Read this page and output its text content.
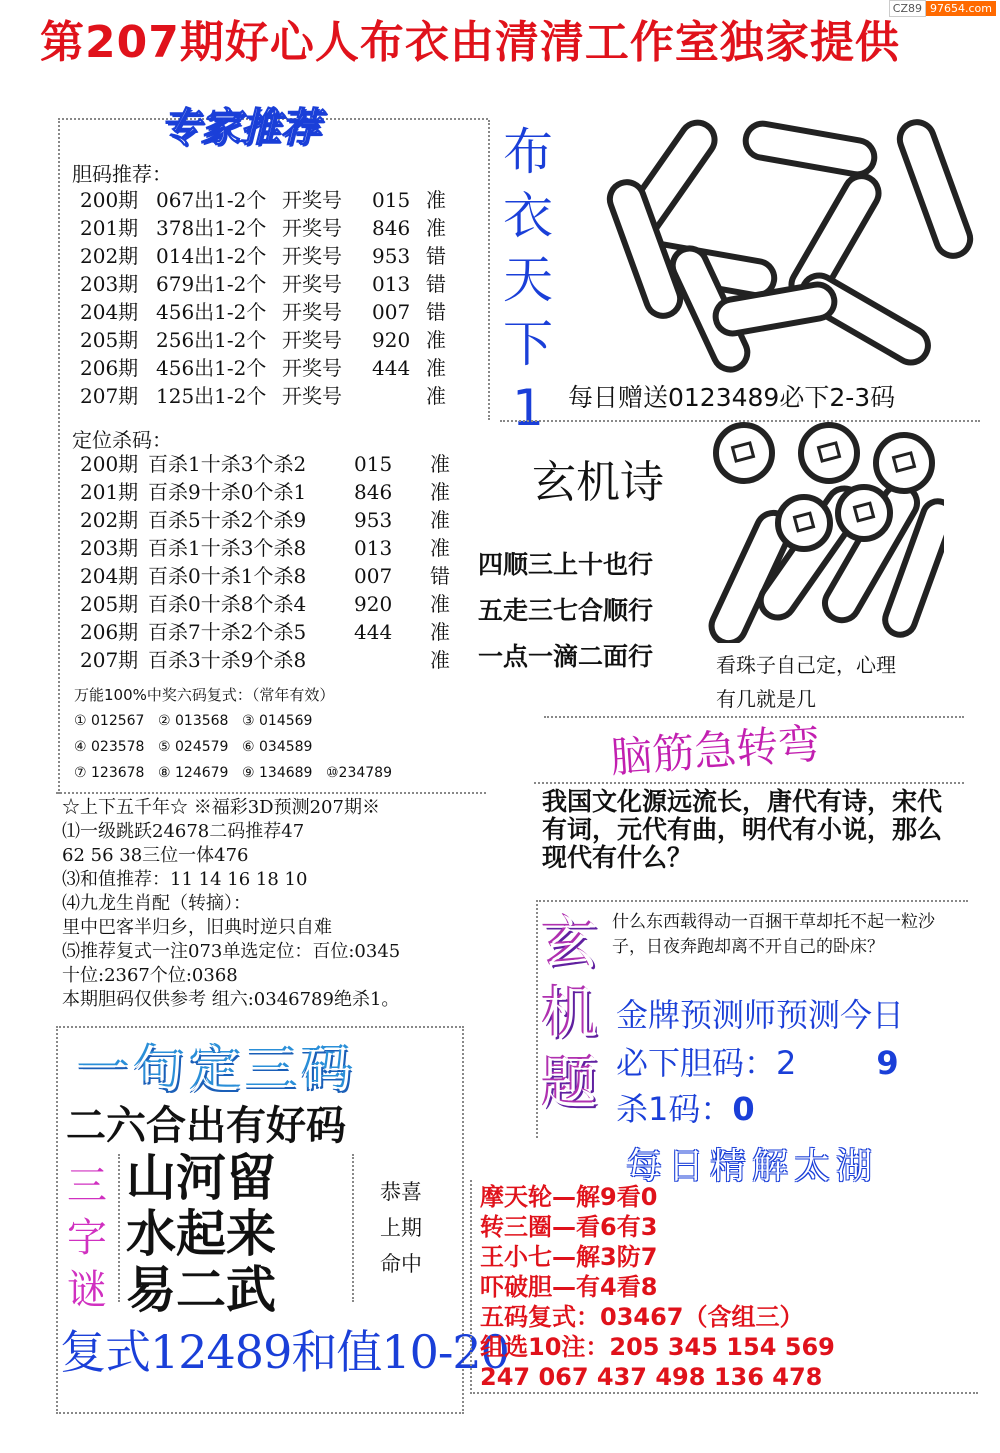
第207期好心人布衣由清清工作室独家提供
CZ89 97654.com
专家推荐
胆码推荐：
200期 067出1-2个 开奖号 015 准
201期 378出1-2个 开奖号 846 准
202期 014出1-2个 开奖号 953 错
203期 679出1-2个 开奖号 013 错
204期 456出1-2个 开奖号 007 错
205期 256出1-2个 开奖号 920 准
206期 456出1-2个 开奖号 444 准
207期 125出1-2个 开奖号	准
定位杀码：
200期 百杀1十杀3个杀2 015 准
201期 百杀9十杀0个杀1 846 准
202期 百杀5十杀2个杀9 953 准
203期 百杀1十杀3个杀8 013 准
204期 百杀0十杀1个杀8 007 错
205期 百杀0十杀8个杀4 920 准
206期 百杀7十杀2个杀5 444 准
207期 百杀3十杀9个杀8	准
万能100%中奖六码复式：（常年有效）
① 012567 ② 013568 ③ 014569
④ 023578 ⑤ 024579 ⑥ 034589
⑦ 123678 ⑧ 124679 ⑨ 134689 ⑩234789
布
衣
天
下
1 每日赠送0123489必下2-3码
玄机诗
四顺三上十也行
五走三七合顺行
一点一滴二面行	看珠子自己定，心理
有几就是几
☆上下五千年☆ ※福彩3D预测207期※
⑴一级跳跃24678二码推荐47
62 56 38三位一体476
⑶和值推荐：11 14 16 18 10
⑷九龙生肖配（转摘）：
里中巴客半归乡，旧典时逆只自难
⑸推荐复式一注073单选定位：百位:0345
十位:2367个位:0368
本期胆码仅供参考 组六:0346789绝杀1。
脑筋急转弯
我国文化源远流长，唐代有诗，宋代有词，元代有曲，明代有小说，那么现代有什么？
玄
机
题
什么东西载得动一百捆干草却托不起一粒沙子，日夜奔跑却离不开自己的卧床？
金牌预测师预测今日
必下胆码：2	9
杀1码：0
一句定三码
二六合出有好码
三
字
谜
山河留
水起来
易二武
恭喜
上期
命中
复式12489和值10-20
每日精解太湖
摩天轮—解9看0
转三圈—看6有3
王小七—解3防7
吓破胆—有4看8
五码复式：03467（含组三）
组选10注：205 345 154 569
247 067 437 498 136 478
